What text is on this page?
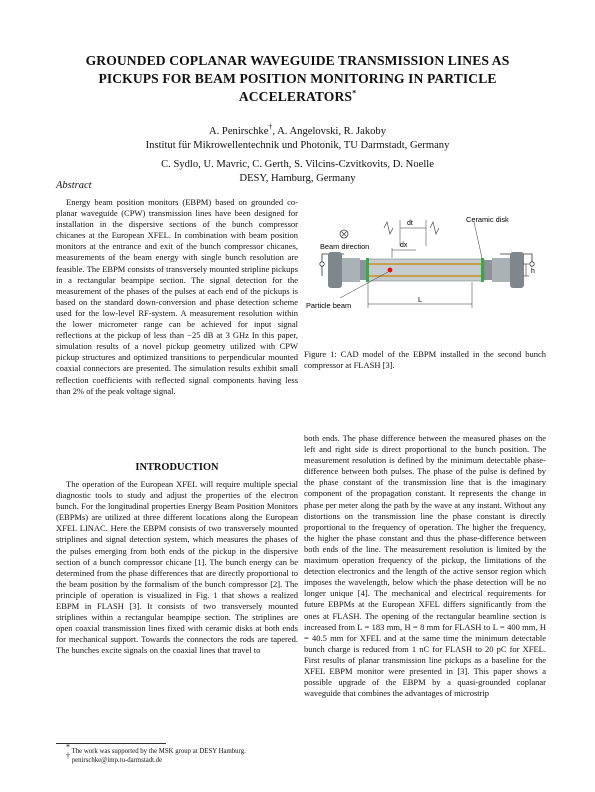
GROUNDED COPLANAR WAVEGUIDE TRANSMISSION LINES AS
PICKUPS FOR BEAM POSITION MONITORING IN PARTICLE
ACCELERATORS*
A. Penirschke†, A. Angelovski, R. Jakoby
Institut für Mikrowellentechnik und Photonik, TU Darmstadt, Germany
C. Sydlo, U. Mavric, C. Gerth, S. Vilcins-Czvitkovits, D. Noelle
DESY, Hamburg, Germany
Abstract

Energy beam position monitors (EBPM) based on grounded co-planar waveguide (CPW) transmission lines have been designed for installation in the dispersive sections of the bunch compressor chicanes at the European XFEL. In combination with beam position monitors at the entrance and exit of the bunch compressor chicanes, measurements of the beam energy with single bunch resolution are feasible. The EBPM consists of transversely mounted stripline pickups in a rectangular beampipe section. The signal detection for the measurement of the phases of the pulses at each end of the pickups is based on the standard down-conversion and phase detection scheme used for the low-level RF-system. A measurement resolution within the lower micrometer range can be achieved for input signal reflections at the pickup of less than −25 dB at 3 GHz In this paper, simulation results of a novel pickup geometry utilized with CPW pickup structures and optimized transitions to perpendicular mounted coaxial connectors are presented. The simulation results exhibit small reflection coefficients with reflected signal components having less than 2% of the peak voltage signal.

INTRODUCTION

The operation of the European XFEL will require multiple special diagnostic tools to study and adjust the properties of the electron bunch. For the longitudinal properties Energy Beam Position Monitors (EBPMs) are utilized at three different locations along the European XFEL LINAC. Here the EBPM consists of two transversely mounted striplines and signal detection system, which measures the phases of the pulses emerging from both ends of the pickup in the dispersive section of a bunch compressor chicane [1]. The bunch energy can be determined from the phase differences that are directly proportional to the beam position by the formalism of the bunch compressor [2]. The principle of operation is visualized in Fig. 1 that shows a realized EBPM in FLASH [3]. It consists of two transversely mounted striplines within a rectangular beampipe section. The striplines are open coaxial transmission lines fixed with ceramic disks at both ends for mechanical support. Towards the connectors the rods are tapered. The bunches excite signals on the coaxial lines that travel to

* The work was supported by the MSK group at DESY Hamburg.
† penirschke@imp.tu-darmstadt.de
dt	Ceramic disk
Beam direction	dx
h
Particle beam
L

Figure 1: CAD model of the EBPM installed in the second bunch compressor at FLASH [3].

both ends. The phase difference between the measured phases on the left and right side is direct proportional to the bunch position. The measurement resolution is defined by the minimum detectable phase-difference between both pulses. The phase of the pulse is defined by the phase constant of the transmission line that is the imaginary component of the propagation constant. It represents the change in phase per meter along the path by the wave at any instant. Without any distortions on the transmission line the phase constant is directly proportional to the frequency of operation. The higher the frequency, the higher the phase constant and thus the phase-difference between both ends of the line. The measurement resolution is limited by the maximum operation frequency of the pickup, the limitations of the detection electronics and the length of the active sensor region which imposes the wavelength, below which the phase detection will be no longer unique [4]. The mechanical and electrical requirements for future EBPMs at the European XFEL differs significantly from the ones at FLASH. The opening of the rectangular beamline section is increased from L = 183 mm, H = 8 mm for FLASH to L = 400 mm, H = 40.5 mm for XFEL and at the same time the minimum detectable bunch charge is reduced from 1 nC for FLASH to 20 pC for XFEL. First results of planar transmission line pickups as a baseline for the XFEL EBPM monitor were presented in [3]. This paper shows a possible upgrade of the EBPM by a quasi-grounded coplanar waveguide that combines the advantages of microstrip
